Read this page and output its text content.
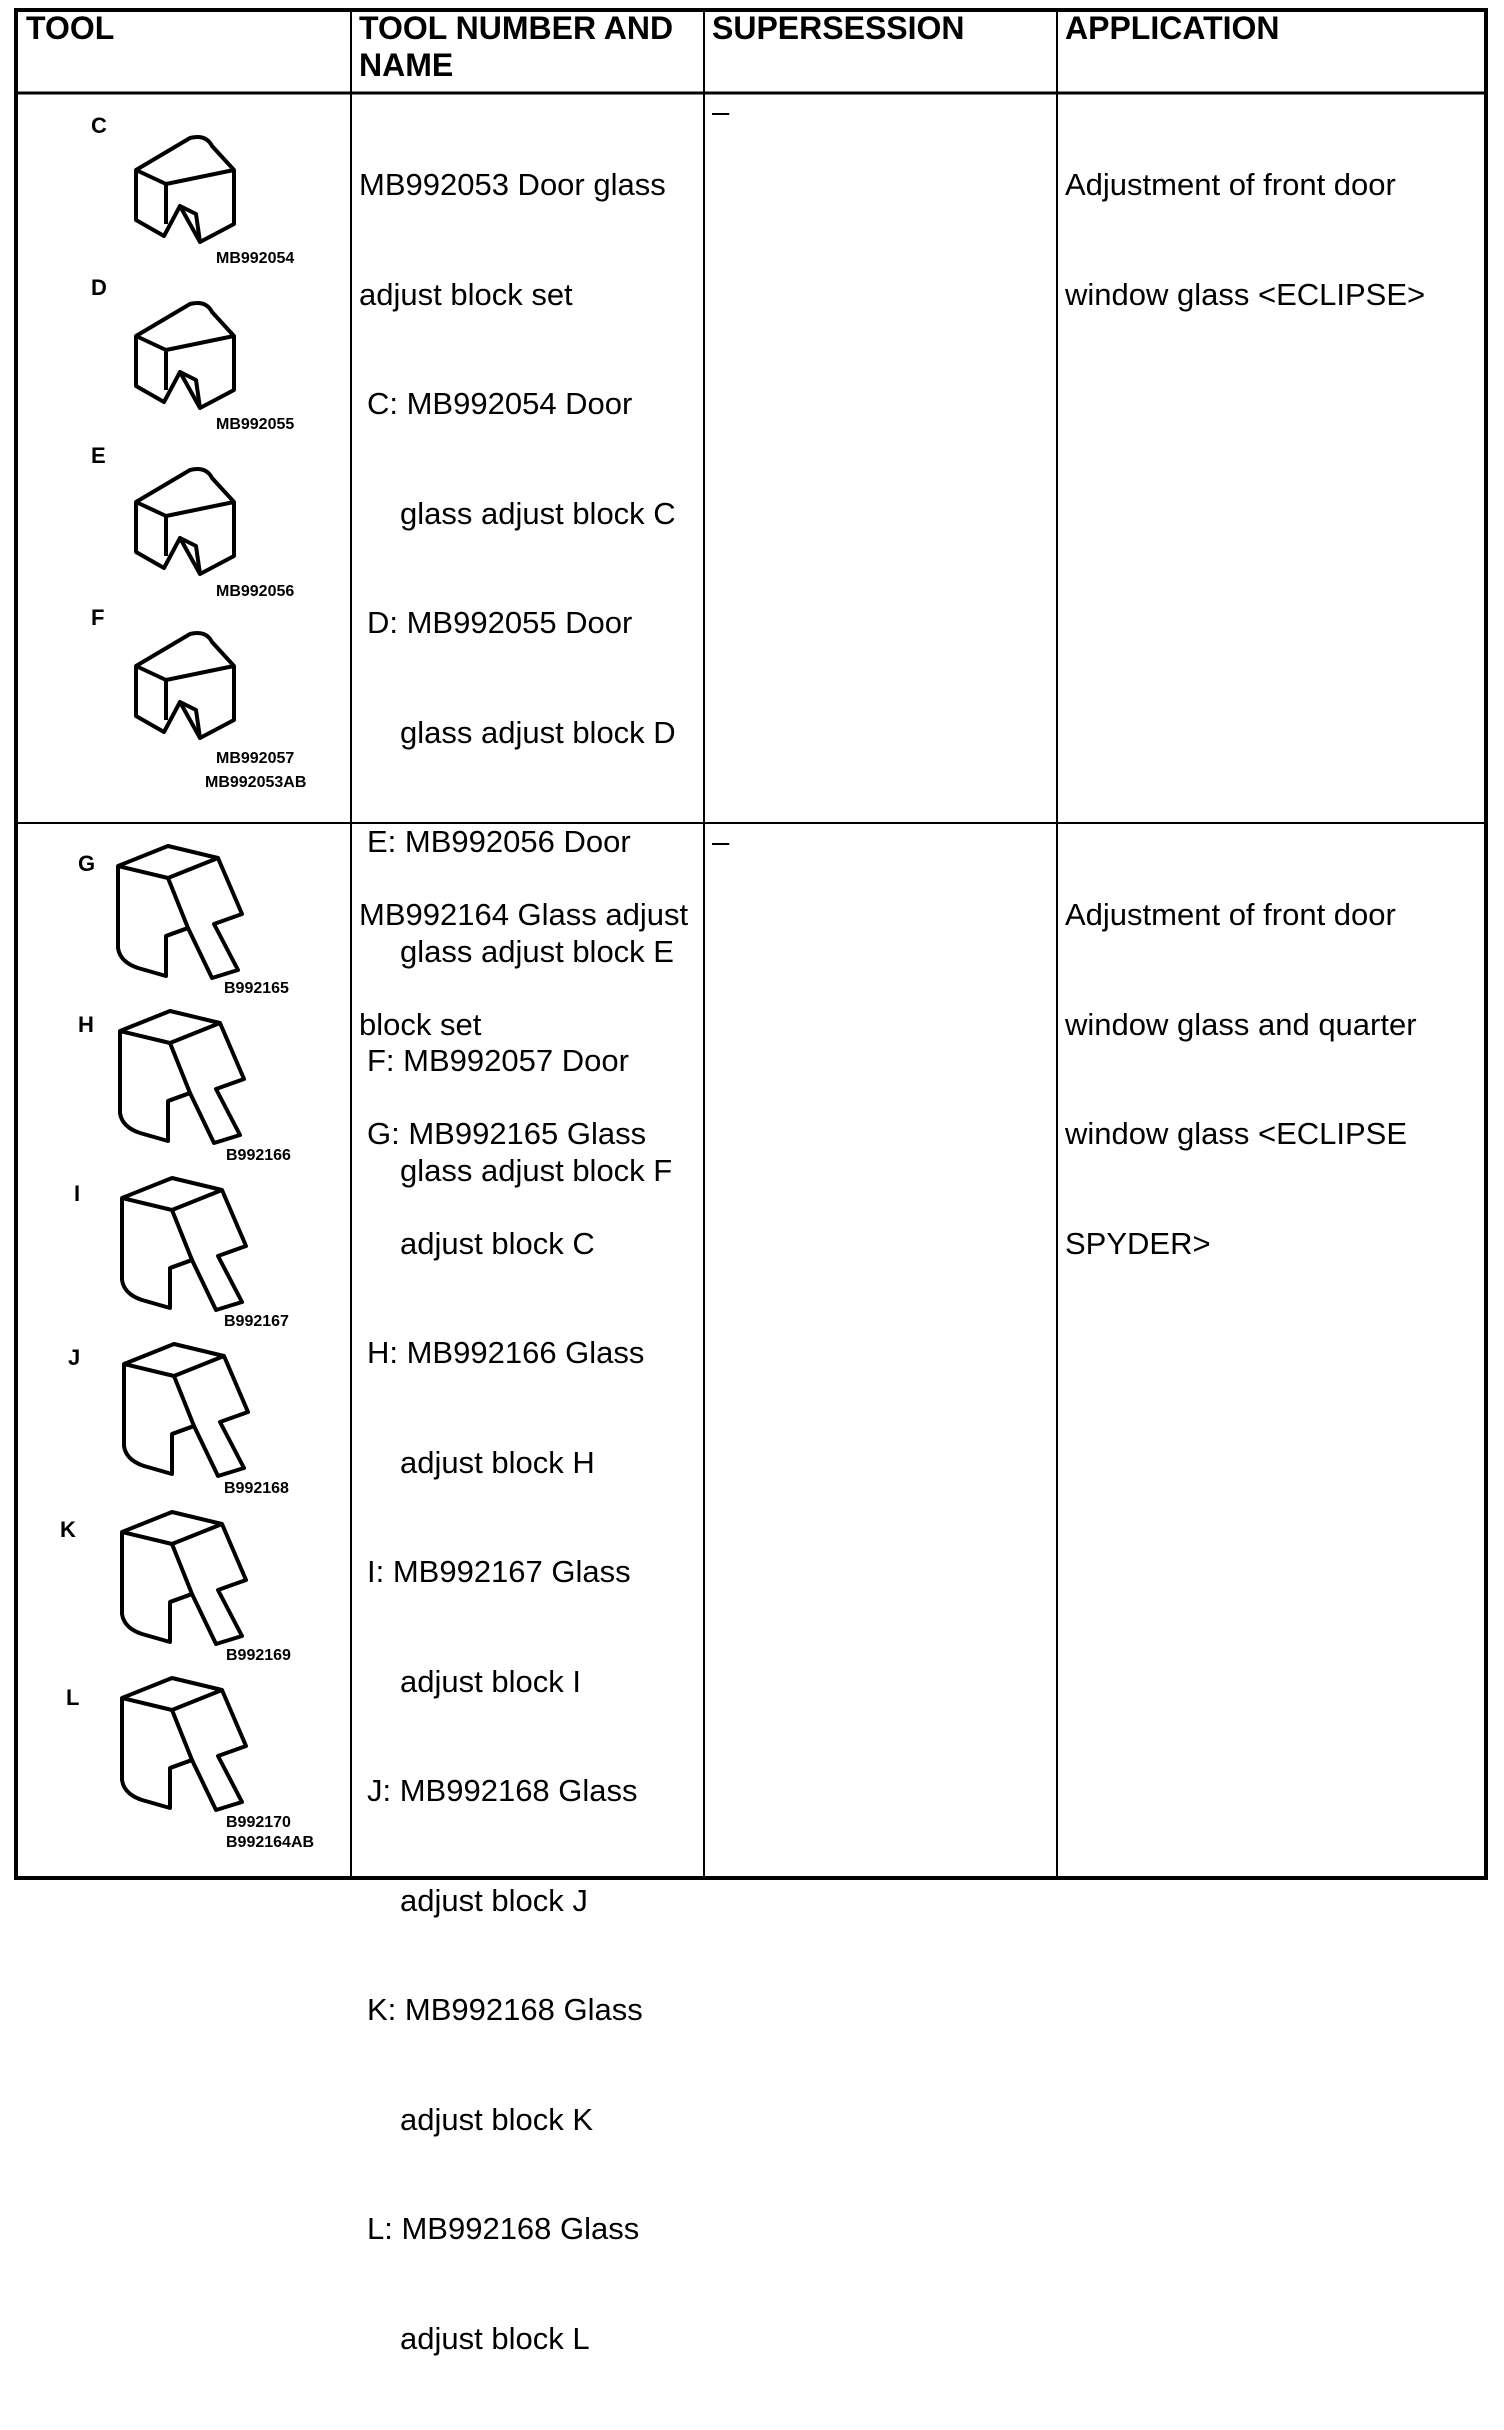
TOOL	TOOL NUMBER AND
NAME
SUPERSESSION	APPLICATION
C
MB992054
D
MB992055
E
MB992056
F
MB992057
MB992053AB

MB992053 Door glass

adjust block set

C: MB992054 Door

glass adjust block C

D: MB992055 Door

glass adjust block D

E: MB992056 Door

glass adjust block E

F: MB992057 Door

glass adjust block F

–

Adjustment of front door

window glass <ECLIPSE>

G
B992165
H
B992166
I
B992167
J
B992168
K
B992169
L
B992170
B992164AB

MB992164 Glass adjust

block set

G: MB992165 Glass

adjust block C

H: MB992166 Glass

adjust block H

I: MB992167 Glass

adjust block I

J: MB992168 Glass

adjust block J

K: MB992168 Glass

adjust block K

L: MB992168 Glass

adjust block L

–

Adjustment of front door

window glass and quarter

window glass <ECLIPSE

SPYDER>
